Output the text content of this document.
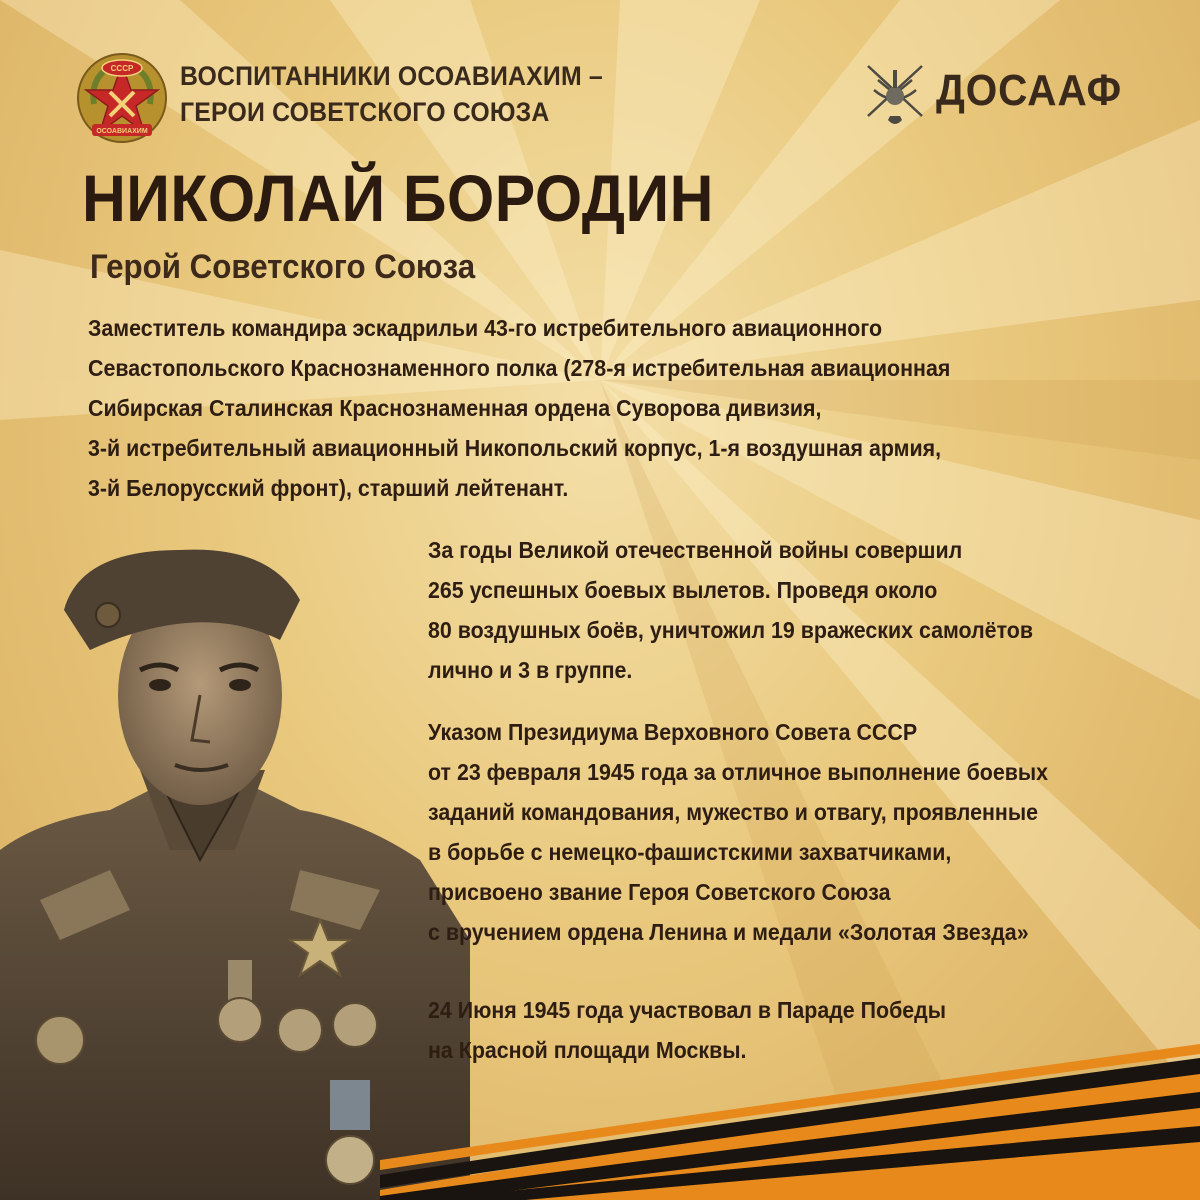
СССР
ОСОАВИАХИМ
ВОСПИТАННИКИ ОСОАВИАХИМ –
ГЕРОИ СОВЕТСКОГО СОЮЗА	ДОСААФ
НИКОЛАЙ БОРОДИН
Герой Советского Союза
Заместитель командира эскадрильи 43-го истребительного авиационного
Севастопольского Краснознаменного полка (278-я истребительная авиационная
Сибирская Сталинская Краснознаменная ордена Суворова дивизия,
3-й истребительный авиационный Никопольский корпус, 1-я воздушная армия,
3-й Белорусский фронт), старший лейтенант.
За годы Великой отечественной войны совершил
265 успешных боевых вылетов. Проведя около
80 воздушных боёв, уничтожил 19 вражеских самолётов
лично и 3 в группе.
Указом Президиума Верховного Совета СССР
от 23 февраля 1945 года за отличное выполнение боевых
заданий командования, мужество и отвагу, проявленные
в борьбе с немецко-фашистскими захватчиками,
присвоено звание Героя Советского Союза
с вручением ордена Ленина и медали «Золотая Звезда»
24 Июня 1945 года участвовал в Параде Победы
на Красной площади Москвы.
